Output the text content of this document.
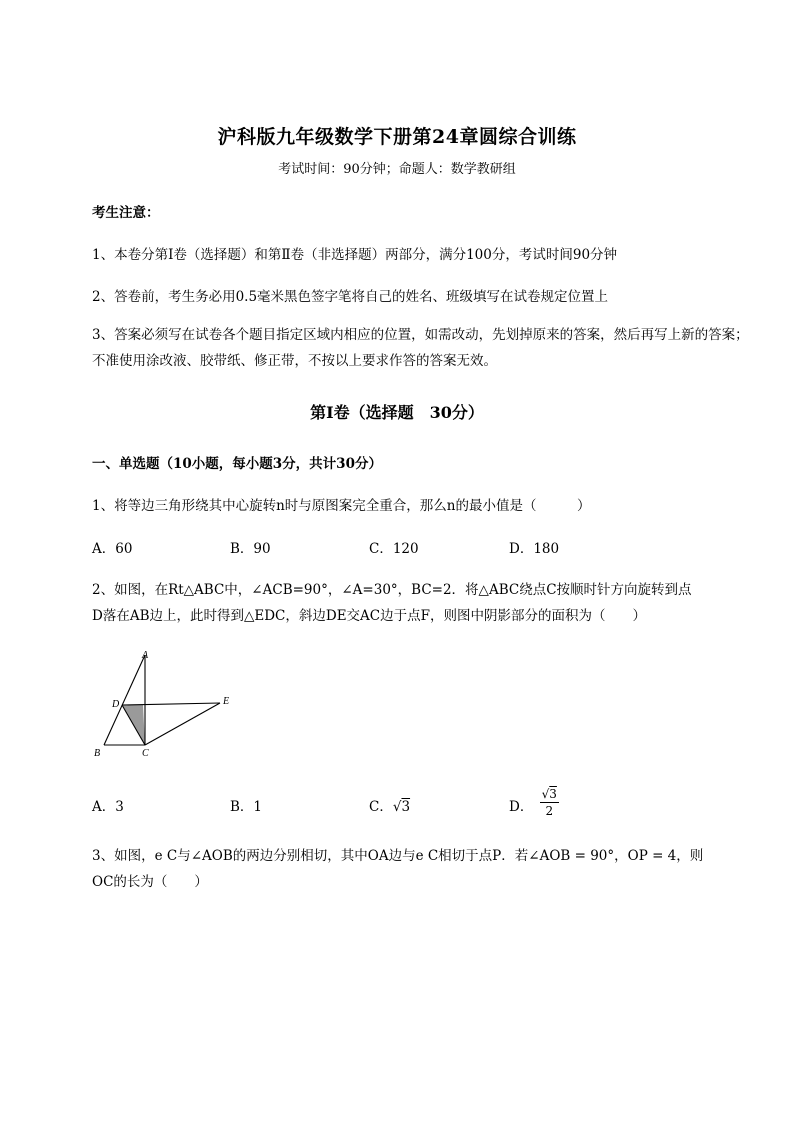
沪科版九年级数学下册第24章圆综合训练
考试时间：90分钟；命题人：数学教研组
考生注意：
1、本卷分第I卷（选择题）和第Ⅱ卷（非选择题）两部分，满分100分，考试时间90分钟
2、答卷前，考生务必用0.5毫米黑色签字笔将自己的姓名、班级填写在试卷规定位置上
3、答案必须写在试卷各个题目指定区域内相应的位置，如需改动，先划掉原来的答案，然后再写上新的答案；不准使用涂改液、胶带纸、修正带，不按以上要求作答的答案无效。
第I卷（选择题　30分）
一、单选题（10小题，每小题3分，共计30分）
1、将等边三角形绕其中心旋转n时与原图案完全重合，那么n的最小值是（　　　）
A．60	B．90	C．120	D．180
2、如图，在Rt△ABC中，∠ACB=90°，∠A=30°，BC=2．将△ABC绕点C按顺时针方向旋转到点
D落在AB边上，此时得到△EDC，斜边DE交AC边于点F，则图中阴影部分的面积为（　　）
A
D	E
B	C
A．3	B．1	C．√3	D． $\frac{√3}{2}$
3、如图，e C与∠AOB的两边分别相切，其中OA边与e C相切于点P．若∠AOB = 90°，OP = 4，则
OC的长为（　　）
